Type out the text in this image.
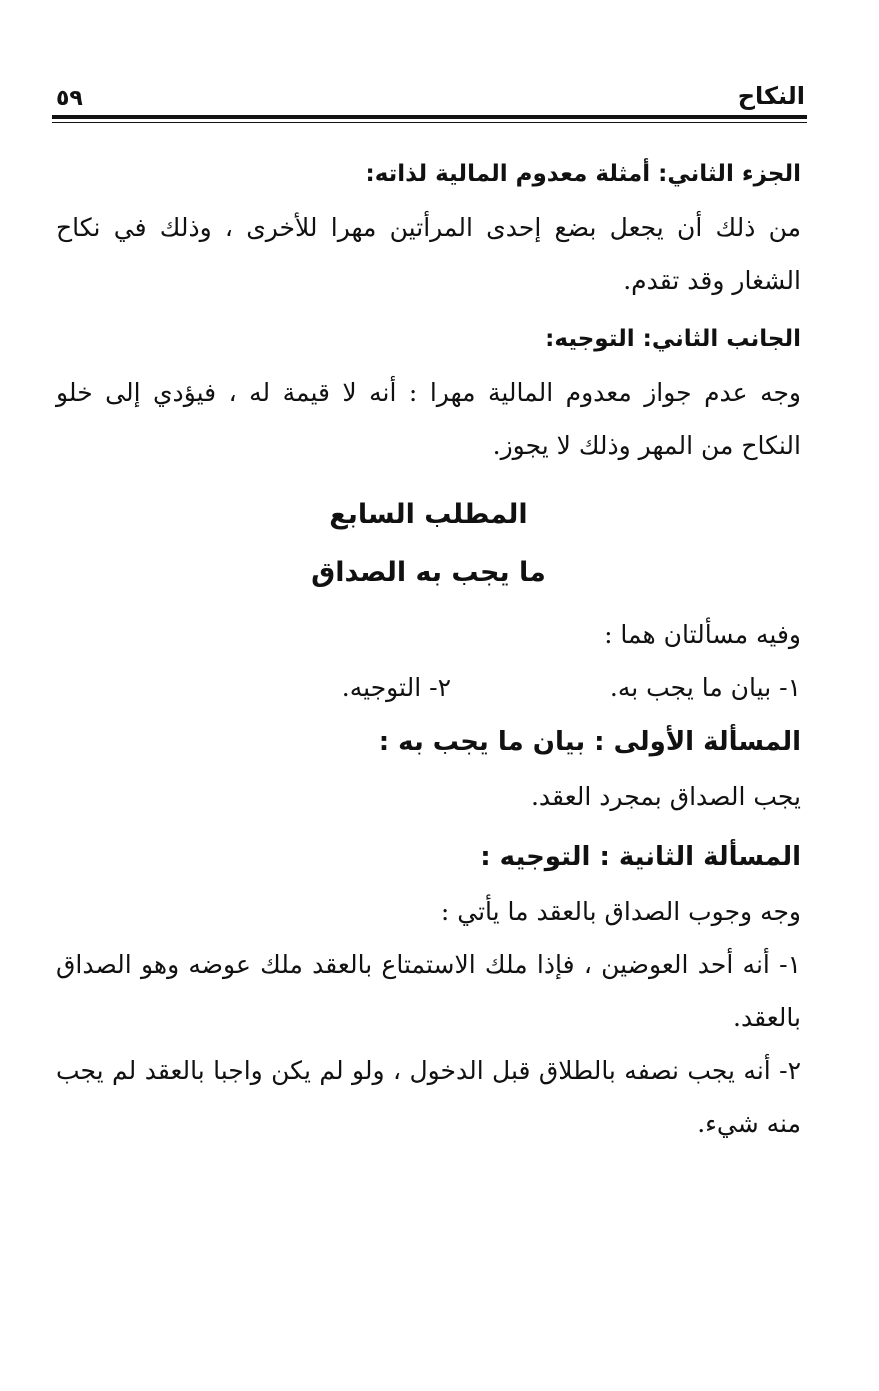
النكاح
٥٩

الجزء الثاني: أمثلة معدوم المالية لذاته:

من ذلك أن يجعل بضع إحدى المرأتين مهرا للأخرى ، وذلك في نكاح الشغار وقد تقدم.

الجانب الثاني: التوجيه:

وجه عدم جواز معدوم المالية مهرا : أنه لا قيمة له ، فيؤدي إلى خلو النكاح من المهر وذلك لا يجوز.

المطلب السابع

ما يجب به الصداق

وفيه مسألتان هما :

١- بيان ما يجب به.
٢- التوجيه.

المسألة الأولى : بيان ما يجب به :

يجب الصداق بمجرد العقد.

المسألة الثانية : التوجيه :

وجه وجوب الصداق بالعقد ما يأتي :

١- أنه أحد العوضين ، فإذا ملك الاستمتاع بالعقد ملك عوضه وهو الصداق بالعقد.

٢- أنه يجب نصفه بالطلاق قبل الدخول ، ولو لم يكن واجبا بالعقد لم يجب منه شيء.
